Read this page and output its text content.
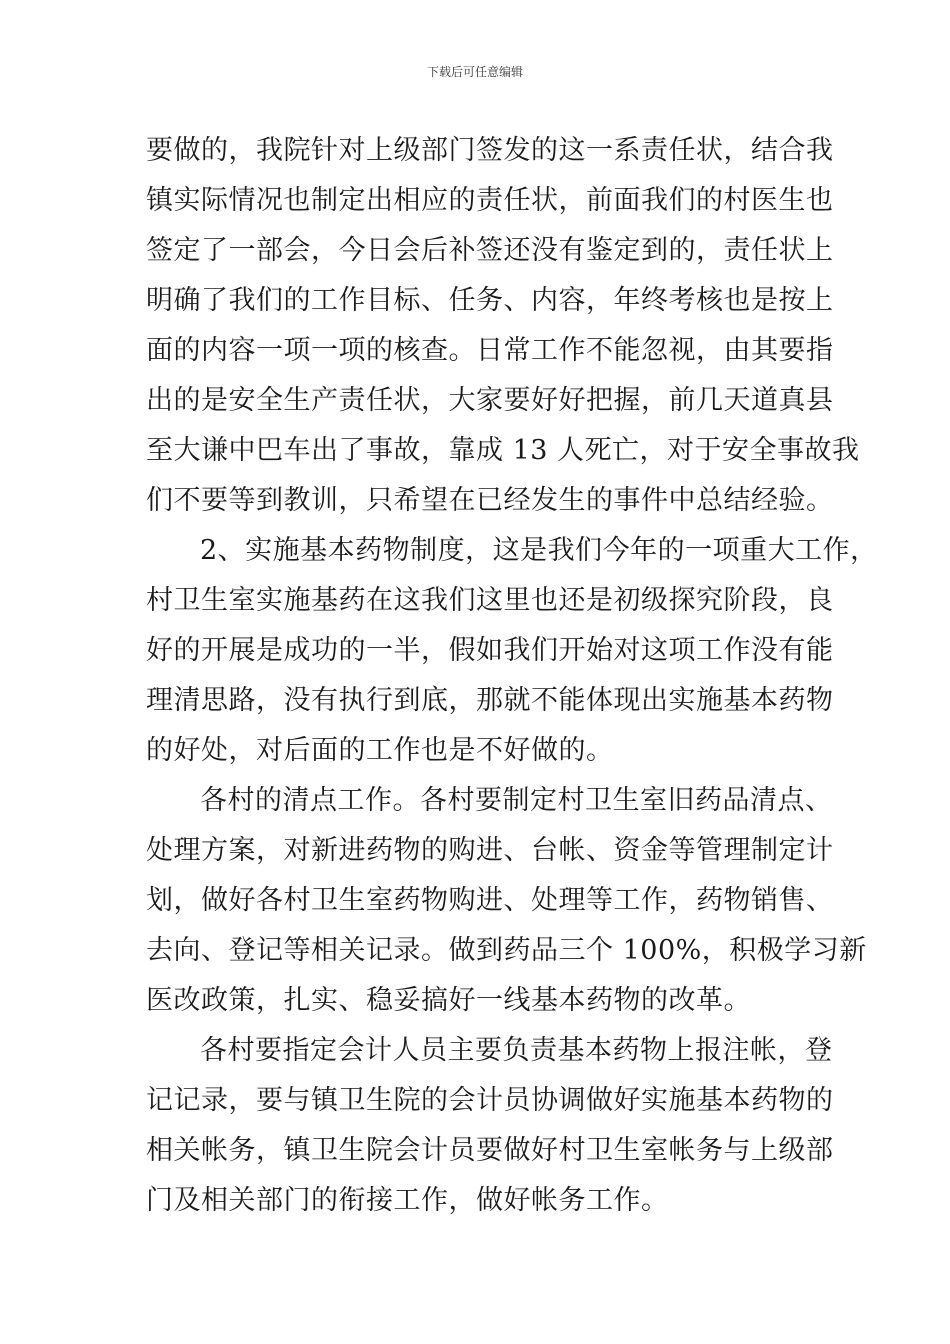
下载后可任意编辑
要做的，我院针对上级部门签发的这一系责任状，结合我
镇实际情况也制定出相应的责任状，前面我们的村医生也
签定了一部会，今日会后补签还没有鉴定到的，责任状上
明确了我们的工作目标、任务、内容，年终考核也是按上
面的内容一项一项的核查。日常工作不能忽视，由其要指
出的是安全生产责任状，大家要好好把握，前几天道真县
至大谦中巴车出了事故，靠成 13 人死亡，对于安全事故我
们不要等到教训，只希望在已经发生的事件中总结经验。
2、实施基本药物制度，这是我们今年的一项重大工作，
村卫生室实施基药在这我们这里也还是初级探究阶段，良
好的开展是成功的一半，假如我们开始对这项工作没有能
理清思路，没有执行到底，那就不能体现出实施基本药物
的好处，对后面的工作也是不好做的。
各村的清点工作。各村要制定村卫生室旧药品清点、
处理方案，对新进药物的购进、台帐、资金等管理制定计
划，做好各村卫生室药物购进、处理等工作，药物销售、
去向、登记等相关记录。做到药品三个 100%，积极学习新
医改政策，扎实、稳妥搞好一线基本药物的改革。
各村要指定会计人员主要负责基本药物上报注帐，登
记记录，要与镇卫生院的会计员协调做好实施基本药物的
相关帐务，镇卫生院会计员要做好村卫生室帐务与上级部
门及相关部门的衔接工作，做好帐务工作。
